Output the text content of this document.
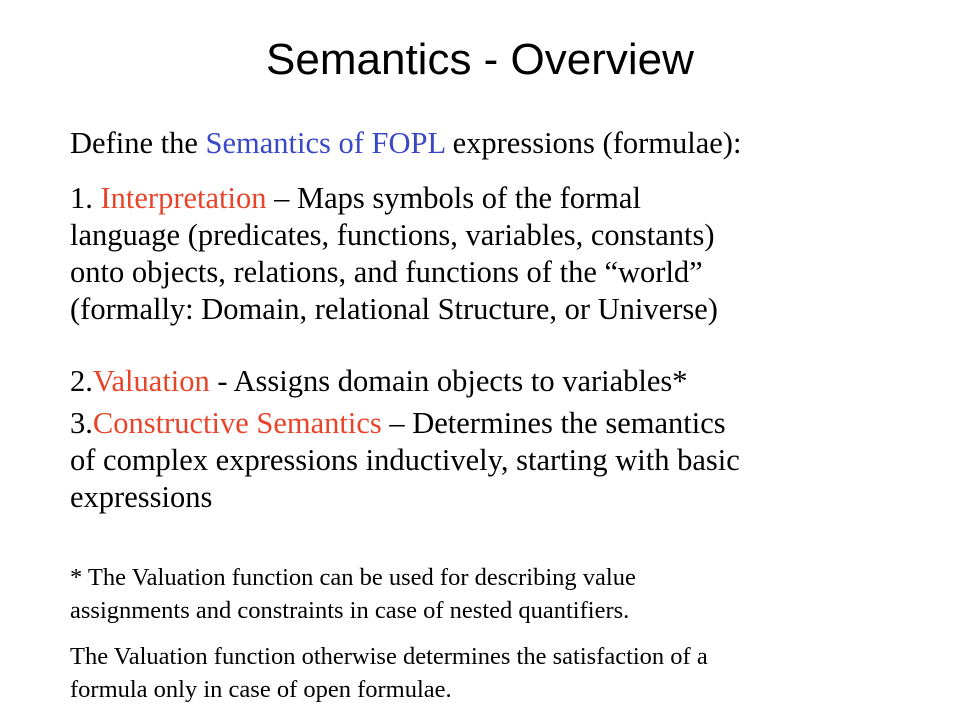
Semantics - Overview

Define the Semantics of FOPL expressions (formulae):

1. Interpretation – Maps symbols of the formal
language (predicates, functions, variables, constants)
onto objects, relations, and functions of the “world”
(formally: Domain, relational Structure, or Universe)

2.Valuation - Assigns domain objects to variables*

3.Constructive Semantics – Determines the semantics
of complex expressions inductively, starting with basic
expressions

* The Valuation function can be used for describing value
assignments and constraints in case of nested quantifiers.

The Valuation function otherwise determines the satisfaction of a
formula only in case of open formulae.
